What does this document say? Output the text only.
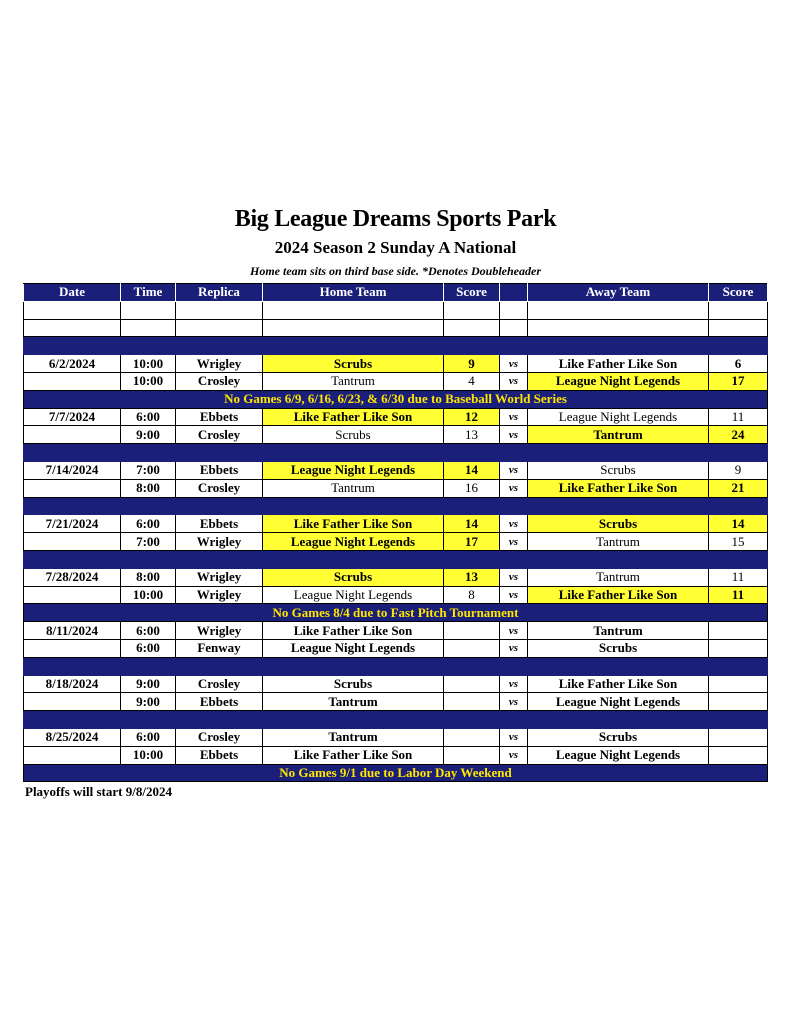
Big League Dreams Sports Park
2024 Season 2 Sunday A National
Home team sits on third base side. *Denotes Doubleheader
Date	Time	Replica	Home Team	Score		Away Team	Score

6/2/2024	10:00	Wrigley	Scrubs	9	vs	Like Father Like Son	6
	10:00	Crosley	Tantrum	4	vs	League Night Legends	17
No Games 6/9, 6/16, 6/23, & 6/30 due to Baseball World Series							
7/7/2024	6:00	Ebbets	Like Father Like Son	12	vs	League Night Legends	11
	9:00	Crosley	Scrubs	13	vs	Tantrum	24

7/14/2024	7:00	Ebbets	League Night Legends	14	vs	Scrubs	9
	8:00	Crosley	Tantrum	16	vs	Like Father Like Son	21

7/21/2024	6:00	Ebbets	Like Father Like Son	14	vs	Scrubs	14
	7:00	Wrigley	League Night Legends	17	vs	Tantrum	15

7/28/2024	8:00	Wrigley	Scrubs	13	vs	Tantrum	11
	10:00	Wrigley	League Night Legends	8	vs	Like Father Like Son	11
No Games 8/4 due to Fast Pitch Tournament							
8/11/2024	6:00	Wrigley	Like Father Like Son		vs	Tantrum	
	6:00	Fenway	League Night Legends		vs	Scrubs	

8/18/2024	9:00	Crosley	Scrubs		vs	Like Father Like Son	
	9:00	Ebbets	Tantrum		vs	League Night Legends	

8/25/2024	6:00	Crosley	Tantrum		vs	Scrubs	
	10:00	Ebbets	Like Father Like Son		vs	League Night Legends	
No Games 9/1 due to Labor Day Weekend							
Playoffs will start 9/8/2024
